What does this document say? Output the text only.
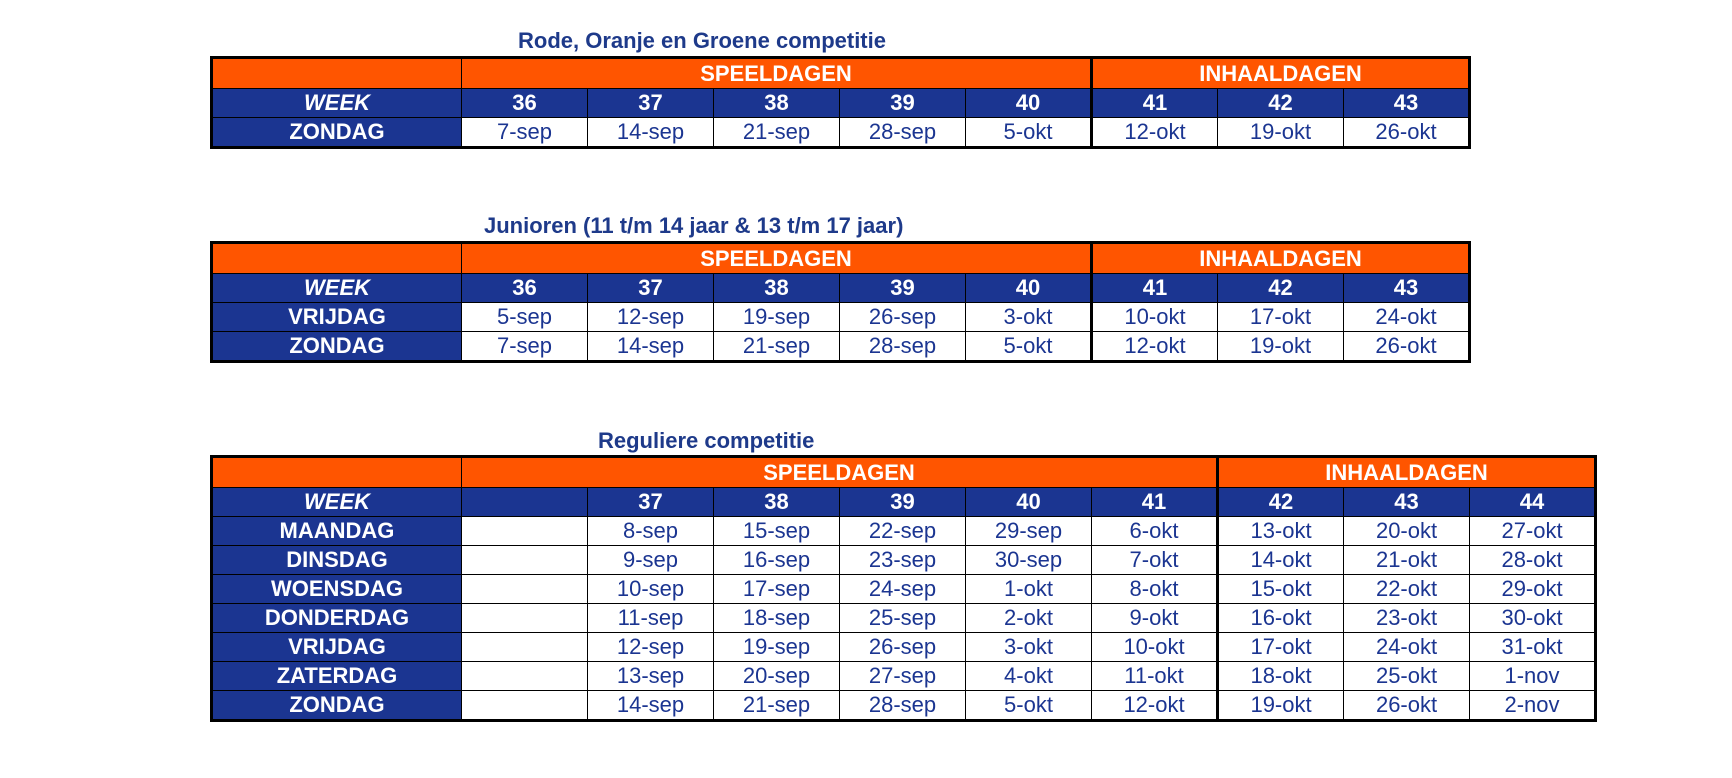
Rode, Oranje en Groene competitie
	SPEELDAGEN					INHAALDAGEN		
WEEK	36	37	38	39	40	41	42	43
ZONDAG	7-sep	14-sep	21-sep	28-sep	5-okt	12-okt	19-okt	26-okt
Junioren (11 t/m 14 jaar & 13 t/m 17 jaar)
	SPEELDAGEN					INHAALDAGEN		
WEEK	36	37	38	39	40	41	42	43
VRIJDAG	5-sep	12-sep	19-sep	26-sep	3-okt	10-okt	17-okt	24-okt
ZONDAG	7-sep	14-sep	21-sep	28-sep	5-okt	12-okt	19-okt	26-okt
Reguliere competitie
	SPEELDAGEN						INHAALDAGEN		
WEEK		37	38	39	40	41	42	43	44
MAANDAG		8-sep	15-sep	22-sep	29-sep	6-okt	13-okt	20-okt	27-okt
DINSDAG		9-sep	16-sep	23-sep	30-sep	7-okt	14-okt	21-okt	28-okt
WOENSDAG		10-sep	17-sep	24-sep	1-okt	8-okt	15-okt	22-okt	29-okt
DONDERDAG		11-sep	18-sep	25-sep	2-okt	9-okt	16-okt	23-okt	30-okt
VRIJDAG		12-sep	19-sep	26-sep	3-okt	10-okt	17-okt	24-okt	31-okt
ZATERDAG		13-sep	20-sep	27-sep	4-okt	11-okt	18-okt	25-okt	1-nov
ZONDAG		14-sep	21-sep	28-sep	5-okt	12-okt	19-okt	26-okt	2-nov
